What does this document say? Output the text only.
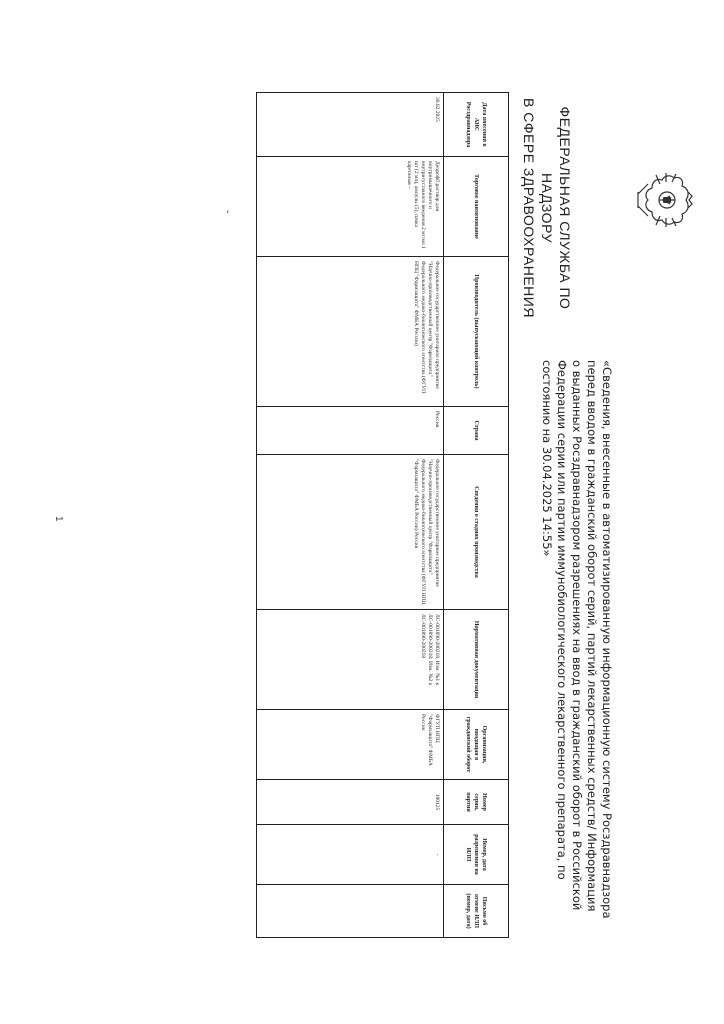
ФЕДЕРАЛЬНАЯ СЛУЖБА ПО НАДЗОРУ
В СФЕРЕ ЗДРАВООХРАНЕНИЯ
«Сведения, внесенные в автоматизированную информационную систему Росздравнадзора перед вводом в гражданский оборот серий, партий лекарственных средств/ Информация о выданных Росздравнадзором разрешениях на ввод в гражданский оборот в Российской Федерации серии или партии иммунобиологического лекарственного препарата, по состоянию на 30.04.2025 14:55»
ˇ
1
Дата внесения в АИС Росздравнадзора	Торговое наименование	Производитель (выпускающий контроль)	Страна	Сведения о стадиях производства	Нормативная документация	Организация, вводящая в гражданский оборот	Номер серии, партии	Номер, дата разрешения на ИЛП	Письмо об отмене ИЛП (номер, дата)
30.02.2025	Депрофб раствор для внутримышечного и внутрисуставного введения 2 мг/мл 1 шт (2 мл), ампулы (5), пачка картонная –	Федеральное государственное унитарное предприятие "Научно-производственный центр "Фармзащита" Федерального медико-биологического агентства (ФГУП НПЦ "Фармзащита" ФМБА России)	Россия	Федеральное государственное унитарное предприятие "Научно-производственный центр "Фармзащита" Федерального медико-биологического агентства (ФГУП НПЦ "Фармзащита" ФМБА России) Россия	ЛС-001890-200218, Изм. №1 к ЛС-001890-200218; Изм. №2 к ЛС-001890-200218	ФГУП НПЦ "Фармзащита" ФМБА России	100125	-	
